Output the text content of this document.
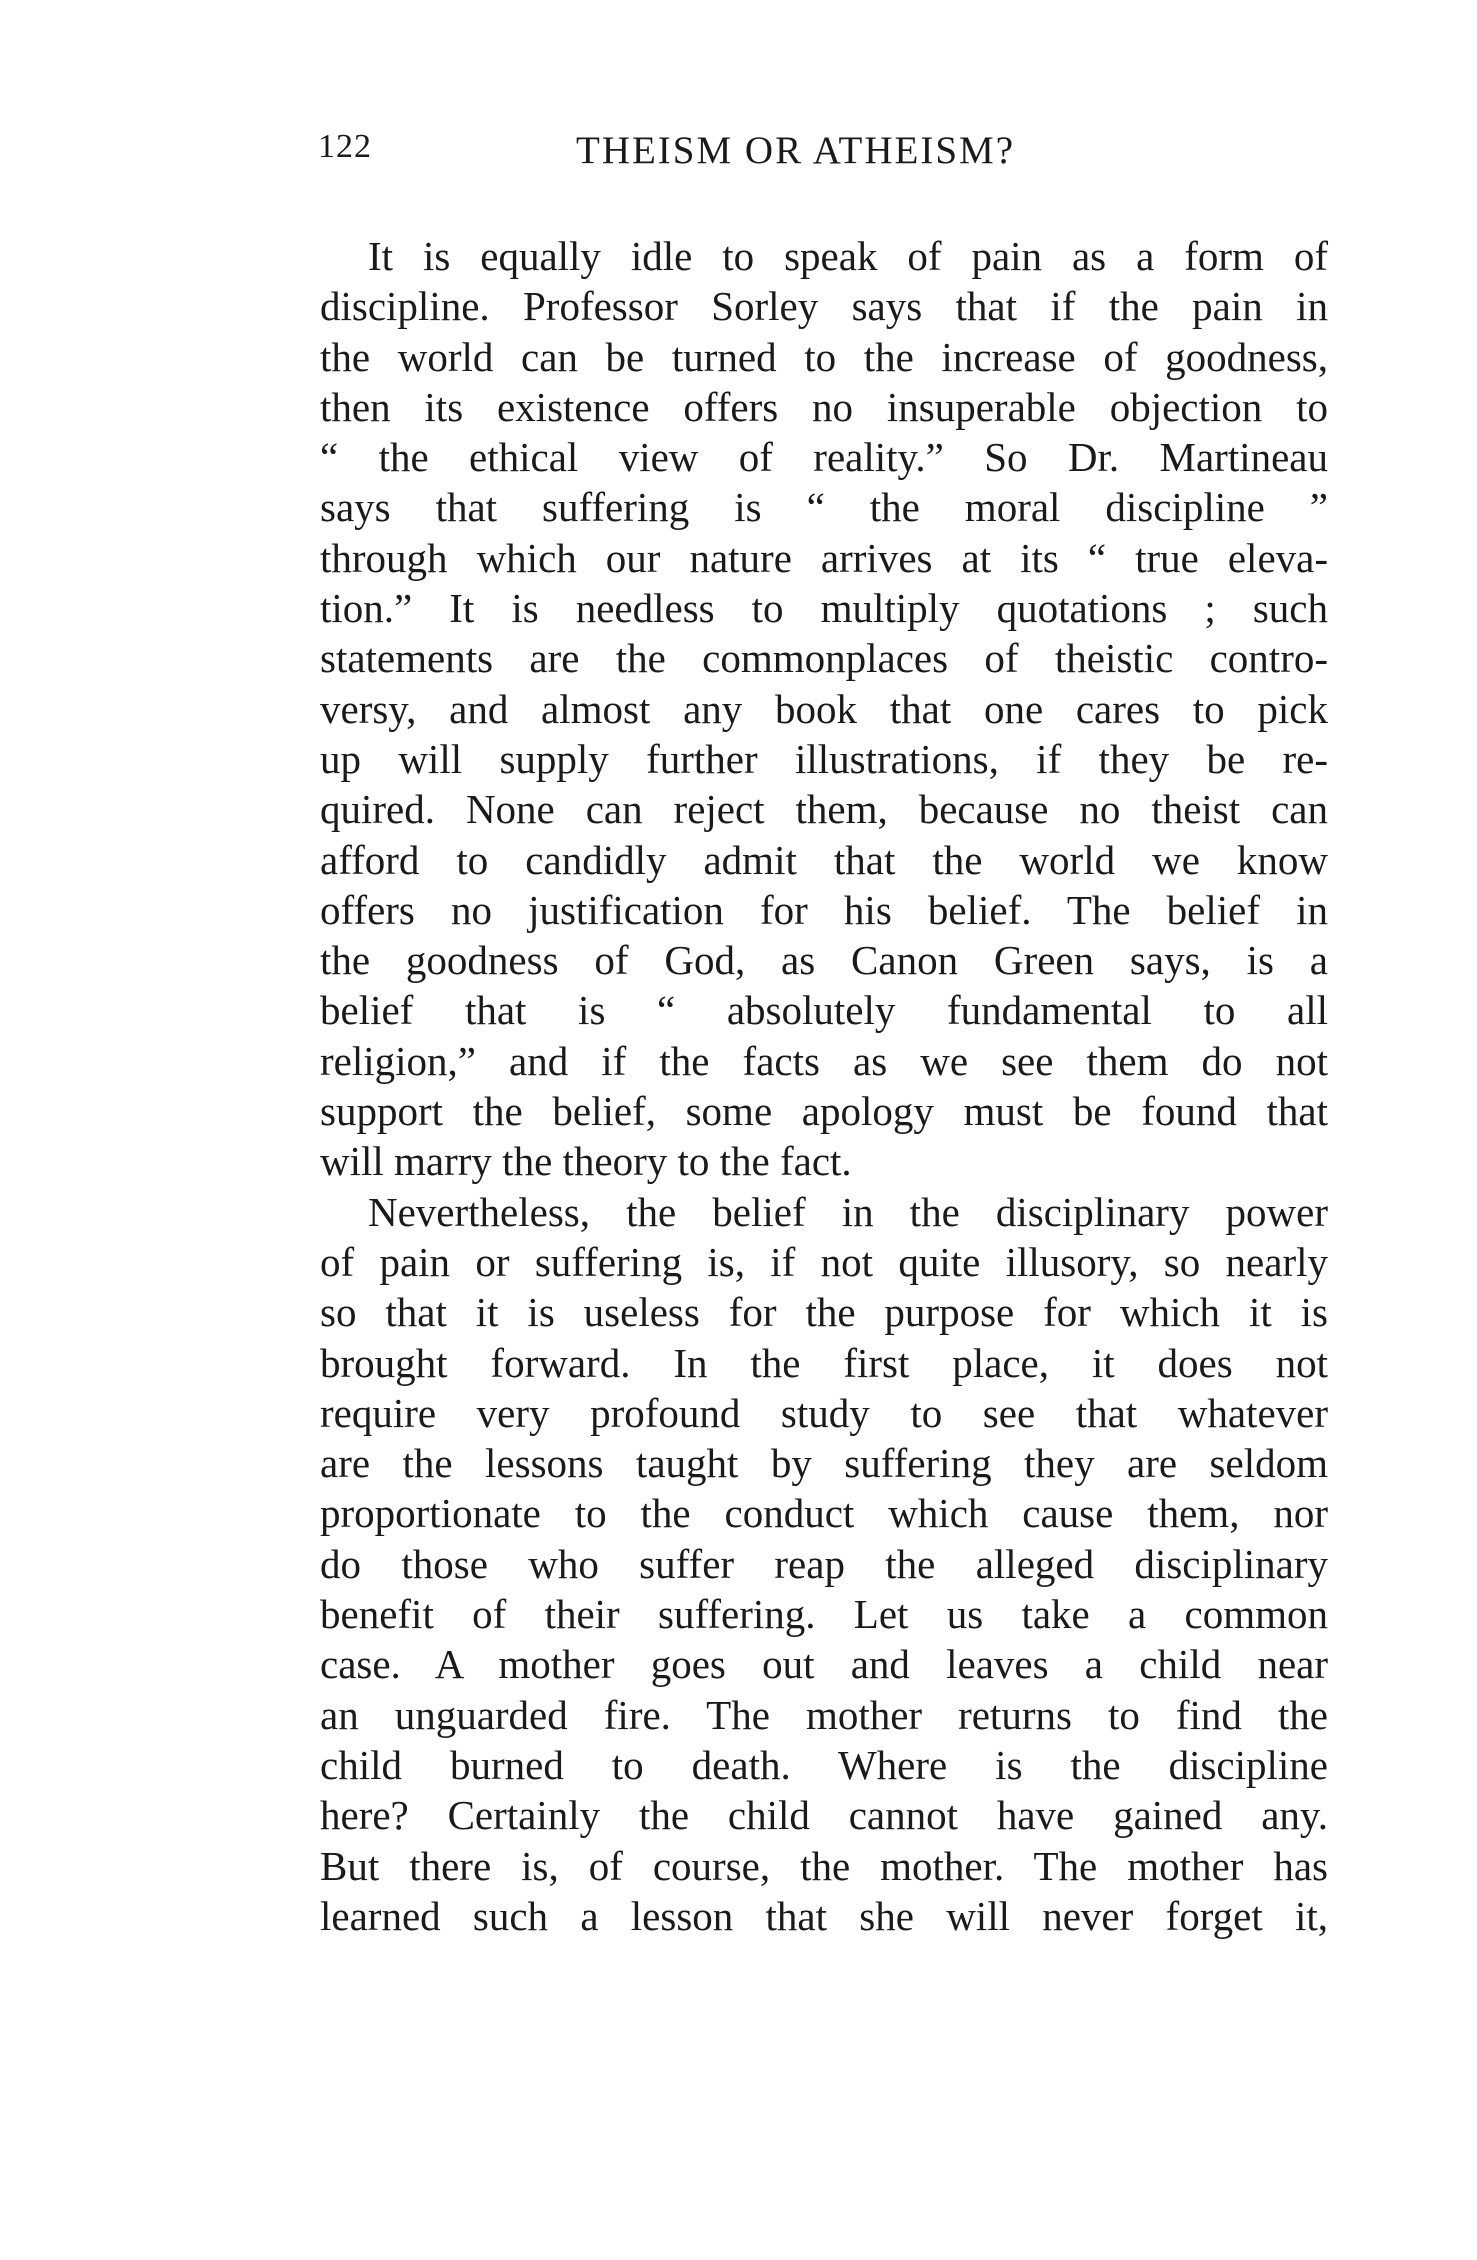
122	THEISM OR ATHEISM?
It is equally idle to speak of pain as a form of
discipline. Professor Sorley says that if the pain in
the world can be turned to the increase of goodness,
then its existence offers no insuperable objection to
“ the ethical view of reality.” So Dr. Martineau
says that suffering is “ the moral discipline ”
through which our nature arrives at its “ true eleva-
tion.” It is needless to multiply quotations ; such
statements are the commonplaces of theistic contro-
versy, and almost any book that one cares to pick
up will supply further illustrations, if they be re-
quired. None can reject them, because no theist can
afford to candidly admit that the world we know
offers no justification for his belief. The belief in
the goodness of God, as Canon Green says, is a
belief that is “ absolutely fundamental to all
religion,” and if the facts as we see them do not
support the belief, some apology must be found that
will marry the theory to the fact.
Nevertheless, the belief in the disciplinary power
of pain or suffering is, if not quite illusory, so nearly
so that it is useless for the purpose for which it is
brought forward. In the first place, it does not
require very profound study to see that whatever
are the lessons taught by suffering they are seldom
proportionate to the conduct which cause them, nor
do those who suffer reap the alleged disciplinary
benefit of their suffering. Let us take a common
case. A mother goes out and leaves a child near
an unguarded fire. The mother returns to find the
child burned to death. Where is the discipline
here? Certainly the child cannot have gained any.
But there is, of course, the mother. The mother has
learned such a lesson that she will never forget it,
